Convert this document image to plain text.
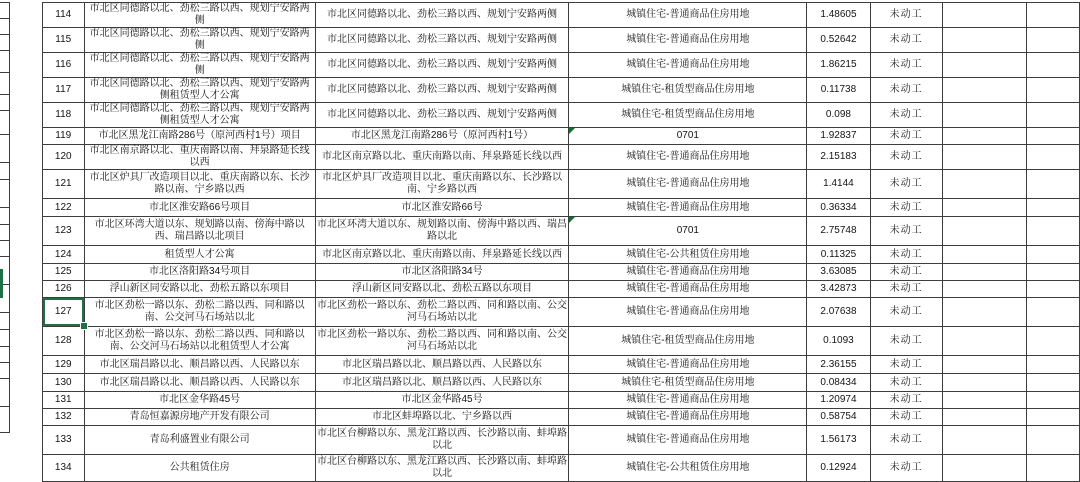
114	市北区同德路以北、劲松三路以西、规划宁安路两侧	市北区同德路以北、劲松三路以西、规划宁安路两侧	城镇住宅-普通商品住房用地	1.48605	未动工		
115	市北区同德路以北、劲松三路以西、规划宁安路两侧	市北区同德路以北、劲松三路以西、规划宁安路两侧	城镇住宅-普通商品住房用地	0.52642	未动工		
116	市北区同德路以北、劲松三路以西、规划宁安路两侧	市北区同德路以北、劲松三路以西、规划宁安路两侧	城镇住宅-普通商品住房用地	1.86215	未动工		
117	市北区同德路以北、劲松三路以西、规划宁安路两侧租赁型人才公寓	市北区同德路以北、劲松三路以西、规划宁安路两侧	城镇住宅-租赁型商品住房用地	0.11738	未动工		
118	市北区同德路以北、劲松三路以西、规划宁安路两侧租赁型人才公寓	市北区同德路以北、劲松三路以西、规划宁安路两侧	城镇住宅-租赁型商品住房用地	0.098	未动工		
119	市北区黑龙江南路286号（原河西村1号）项目	市北区黑龙江南路286号（原河西村1号）	0701	1.92837	未动工		
120	市北区南京路以北、重庆南路以南、拜泉路延长线以西	市北区南京路以北、重庆南路以南、拜泉路延长线以西	城镇住宅-普通商品住房用地	2.15183	未动工		
121	市北区炉具厂改造项目以北、重庆南路以东、长沙路以南、宁乡路以西	市北区炉具厂改造项目以北、重庆南路以东、长沙路以南、宁乡路以西	城镇住宅-普通商品住房用地	1.4144	未动工		
122	市北区淮安路66号项目	市北区淮安路66号	城镇住宅-普通商品住房用地	0.36334	未动工		
123	市北区环湾大道以东、规划路以南、傍海中路以西、瑞昌路以北项目	市北区环湾大道以东、规划路以南、傍海中路以西、瑞昌路以北	0701	2.75748	未动工		
124	租赁型人才公寓	市北区南京路以北、重庆南路以南、拜泉路延长线以西	城镇住宅-公共租赁住房用地	0.11325	未动工		
125	市北区洛阳路34号项目	市北区洛阳路34号	城镇住宅-普通商品住房用地	3.63085	未动工		
126	浮山新区同安路以北、劲松五路以东项目	浮山新区同安路以北、劲松五路以东项目	城镇住宅-普通商品住房用地	3.42873	未动工		
127	市北区劲松一路以东、劲松二路以西、同和路以南、公交河马石场站以北	市北区劲松一路以东、劲松二路以西、同和路以南、公交河马石场站以北	城镇住宅-普通商品住房用地	2.07638	未动工		
128	市北区劲松一路以东、劲松二路以西、同和路以南、公交河马石场站以北租赁型人才公寓	市北区劲松一路以东、劲松二路以西、同和路以南、公交河马石场站以北	城镇住宅-租赁型商品住房用地	0.1093	未动工		
129	市北区瑞昌路以北、顺昌路以西、人民路以东	市北区瑞昌路以北、顺昌路以西、人民路以东	城镇住宅-普通商品住房用地	2.36155	未动工		
130	市北区瑞昌路以北、顺昌路以西、人民路以东	市北区瑞昌路以北、顺昌路以西、人民路以东	城镇住宅-租赁型商品住房用地	0.08434	未动工		
131	市北区金华路45号	市北区金华路45号	城镇住宅-普通商品住房用地	1.20974	未动工		
132	青岛恒嘉源房地产开发有限公司	市北区蚌埠路以北、宁乡路以西	城镇住宅-普通商品住房用地	0.58754	未动工		
133	青岛利盛置业有限公司	市北区台柳路以东、黑龙江路以西、长沙路以南、蚌埠路以北	城镇住宅-普通商品住房用地	1.56173	未动工		
134	公共租赁住房	市北区台柳路以东、黑龙江路以西、长沙路以南、蚌埠路以北	城镇住宅-公共租赁住房用地	0.12924	未动工		
